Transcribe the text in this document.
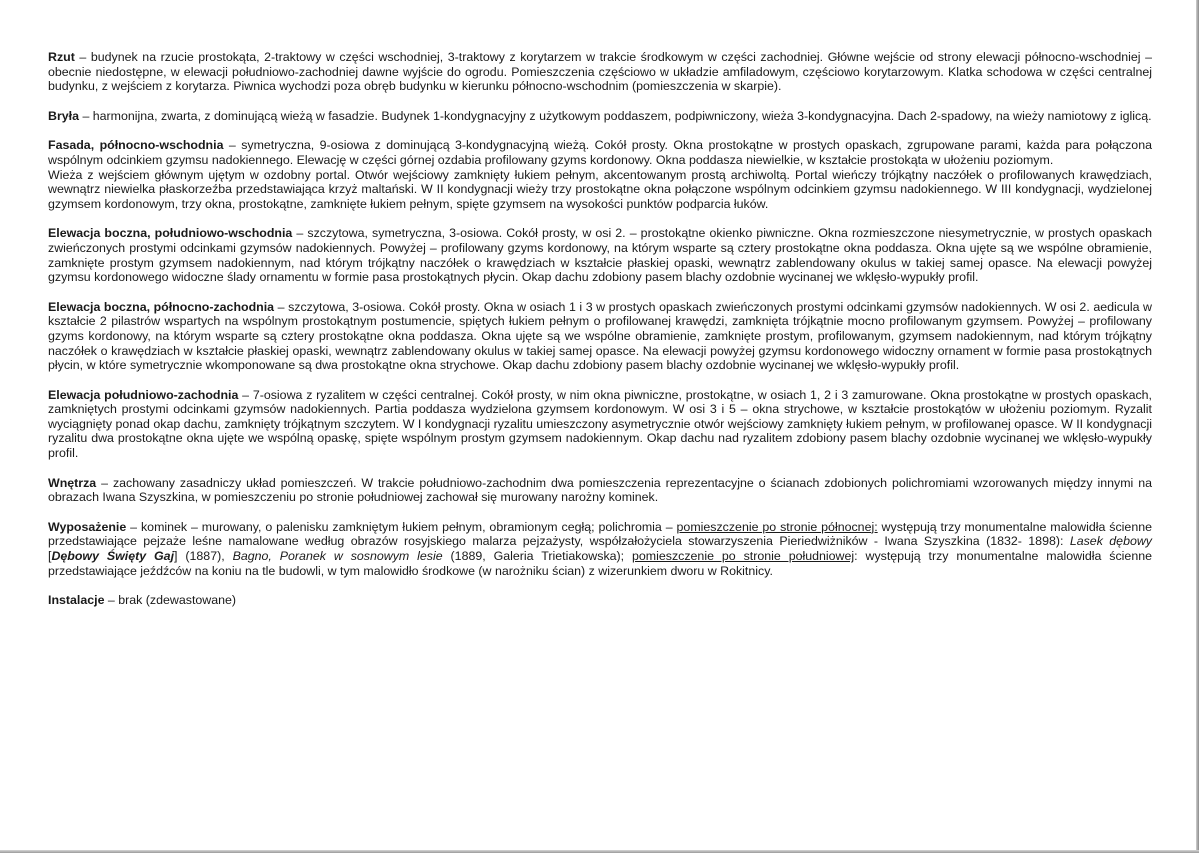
Rzut – budynek na rzucie prostokąta, 2-traktowy w części wschodniej, 3-traktowy z korytarzem w trakcie środkowym w części zachodniej. Główne wejście od strony elewacji północno-wschodniej – obecnie niedostępne, w elewacji południowo-zachodniej dawne wyjście do ogrodu. Pomieszczenia częściowo w układzie amfiladowym, częściowo korytarzowym. Klatka schodowa w części centralnej budynku, z wejściem z korytarza. Piwnica wychodzi poza obręb budynku w kierunku północno-wschodnim (pomieszczenia w skarpie).

Bryła – harmonijna, zwarta, z dominującą wieżą w fasadzie. Budynek 1-kondygnacyjny z użytkowym poddaszem, podpiwniczony, wieża 3-kondygnacyjna. Dach 2-spadowy, na wieży namiotowy z iglicą.

Fasada, północno-wschodnia – symetryczna, 9-osiowa z dominującą 3-kondygnacyjną wieżą. Cokół prosty. Okna prostokątne w prostych opaskach, zgrupowane parami, każda para połączona wspólnym odcinkiem gzymsu nadokiennego. Elewację w części górnej ozdabia profilowany gzyms kordonowy. Okna poddasza niewielkie, w kształcie prostokąta w ułożeniu poziomym.

Wieża z wejściem głównym ujętym w ozdobny portal. Otwór wejściowy zamknięty łukiem pełnym, akcentowanym prostą archiwoltą. Portal wieńczy trójkątny naczółek o profilowanych krawędziach, wewnątrz niewielka płaskorzeźba przedstawiająca krzyż maltański. W II kondygnacji wieży trzy prostokątne okna połączone wspólnym odcinkiem gzymsu nadokiennego. W III kondygnacji, wydzielonej gzymsem kordonowym, trzy okna, prostokątne, zamknięte łukiem pełnym, spięte gzymsem na wysokości punktów podparcia łuków.

Elewacja boczna, południowo-wschodnia – szczytowa, symetryczna, 3-osiowa. Cokół prosty, w osi 2. – prostokątne okienko piwniczne. Okna rozmieszczone niesymetrycznie, w prostych opaskach zwieńczonych prostymi odcinkami gzymsów nadokiennych. Powyżej – profilowany gzyms kordonowy, na którym wsparte są cztery prostokątne okna poddasza. Okna ujęte są we wspólne obramienie, zamknięte prostym gzymsem nadokiennym, nad którym trójkątny naczółek o krawędziach w kształcie płaskiej opaski, wewnątrz zablendowany okulus w takiej samej opasce. Na elewacji powyżej gzymsu kordonowego widoczne ślady ornamentu w formie pasa prostokątnych płycin. Okap dachu zdobiony pasem blachy ozdobnie wycinanej we wklęsło-wypukły profil.

Elewacja boczna, północno-zachodnia – szczytowa, 3-osiowa. Cokół prosty. Okna w osiach 1 i 3 w prostych opaskach zwieńczonych prostymi odcinkami gzymsów nadokiennych. W osi 2. aedicula w kształcie 2 pilastrów wspartych na wspólnym prostokątnym postumencie, spiętych łukiem pełnym o profilowanej krawędzi, zamknięta trójkątnie mocno profilowanym gzymsem. Powyżej – profilowany gzyms kordonowy, na którym wsparte są cztery prostokątne okna poddasza. Okna ujęte są we wspólne obramienie, zamknięte prostym, profilowanym, gzymsem nadokiennym, nad którym trójkątny naczółek o krawędziach w kształcie płaskiej opaski, wewnątrz zablendowany okulus w takiej samej opasce. Na elewacji powyżej gzymsu kordonowego widoczny ornament w formie pasa prostokątnych płycin, w które symetrycznie wkomponowane są dwa prostokątne okna strychowe. Okap dachu zdobiony pasem blachy ozdobnie wycinanej we wklęsło-wypukły profil.

Elewacja południowo-zachodnia – 7-osiowa z ryzalitem w części centralnej. Cokół prosty, w nim okna piwniczne, prostokątne, w osiach 1, 2 i 3 zamurowane. Okna prostokątne w prostych opaskach, zamkniętych prostymi odcinkami gzymsów nadokiennych. Partia poddasza wydzielona gzymsem kordonowym. W osi 3 i 5 – okna strychowe, w kształcie prostokątów w ułożeniu poziomym. Ryzalit wyciągnięty ponad okap dachu, zamknięty trójkątnym szczytem. W I kondygnacji ryzalitu umieszczony asymetrycznie otwór wejściowy zamknięty łukiem pełnym, w profilowanej opasce. W II kondygnacji ryzalitu dwa prostokątne okna ujęte we wspólną opaskę, spięte wspólnym prostym gzymsem nadokiennym. Okap dachu nad ryzalitem zdobiony pasem blachy ozdobnie wycinanej we wklęsło-wypukły profil.

Wnętrza – zachowany zasadniczy układ pomieszczeń. W trakcie południowo-zachodnim dwa pomieszczenia reprezentacyjne o ścianach zdobionych polichromiami wzorowanych między innymi na obrazach Iwana Szyszkina, w pomieszczeniu po stronie południowej zachował się murowany narożny kominek.

Wyposażenie – kominek – murowany, o palenisku zamkniętym łukiem pełnym, obramionym cegłą; polichromia – pomieszczenie po stronie północnej: występują trzy monumentalne malowidła ścienne przedstawiające pejzaże leśne namalowane według obrazów rosyjskiego malarza pejzażysty, współzałożyciela stowarzyszenia Pieriedwiżników - Iwana Szyszkina (1832- 1898): Lasek dębowy [Dębowy Święty Gaj] (1887), Bagno, Poranek w sosnowym lesie (1889, Galeria Trietiakowska); pomieszczenie po stronie południowej: występują trzy monumentalne malowidła ścienne przedstawiające jeźdźców na koniu na tle budowli, w tym malowidło środkowe (w narożniku ścian) z wizerunkiem dworu w Rokitnicy.

Instalacje – brak (zdewastowane)
